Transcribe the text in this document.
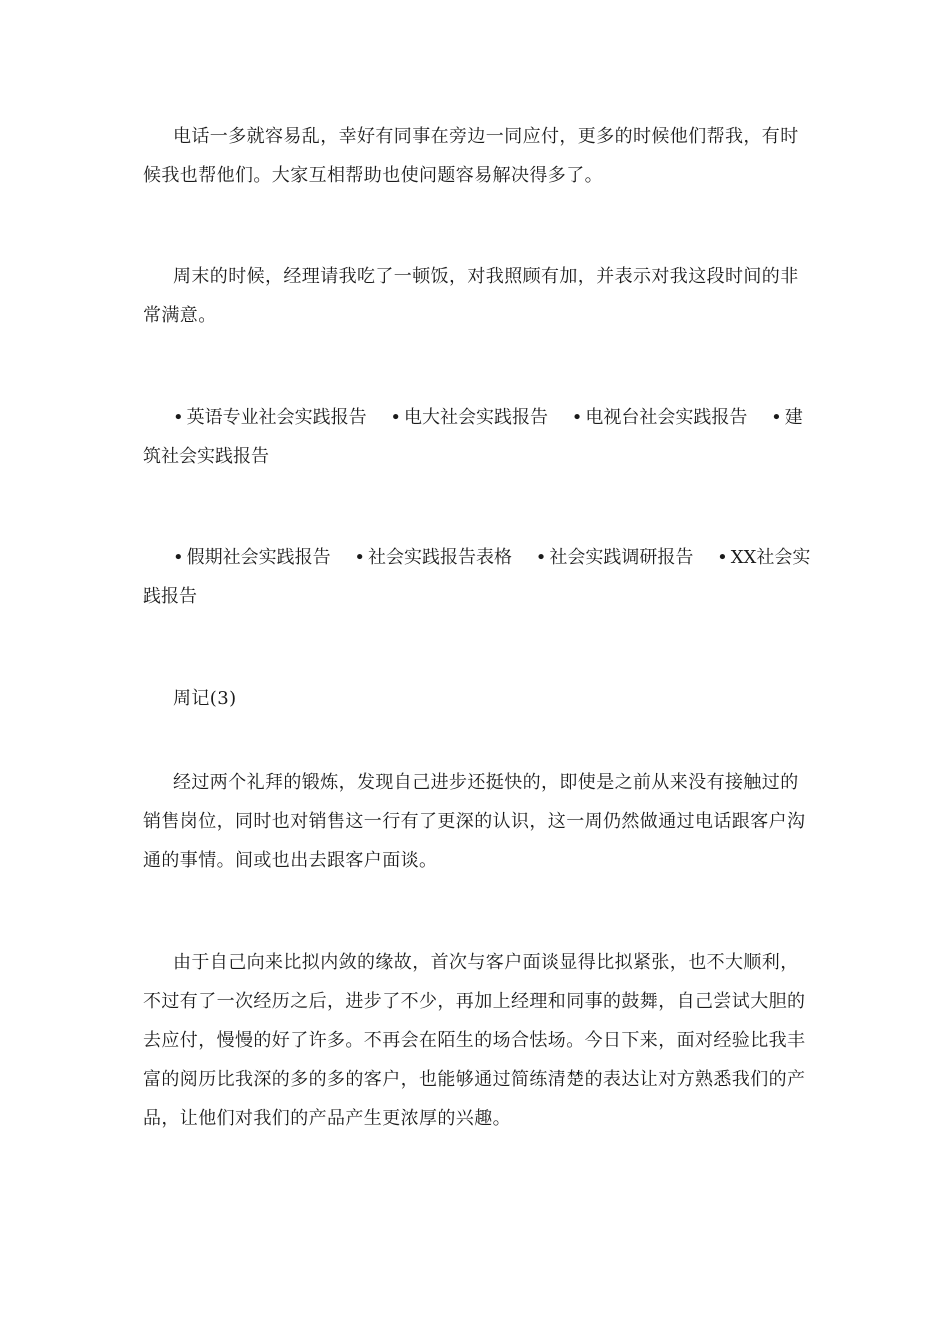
电话一多就容易乱，幸好有同事在旁边一同应付，更多的时候他们帮我，有时候我也帮他们。大家互相帮助也使问题容易解决得多了。

周末的时候，经理请我吃了一顿饭，对我照顾有加，并表示对我这段时间的非常满意。

• 英语专业社会实践报告 • 电大社会实践报告 • 电视台社会实践报告 • 建筑社会实践报告

• 假期社会实践报告 • 社会实践报告表格 • 社会实践调研报告 • XX社会实践报告

周记(3)

经过两个礼拜的锻炼，发现自己进步还挺快的，即使是之前从来没有接触过的销售岗位，同时也对销售这一行有了更深的认识，这一周仍然做通过电话跟客户沟通的事情。间或也出去跟客户面谈。

由于自己向来比拟内敛的缘故，首次与客户面谈显得比拟紧张，也不大顺利，不过有了一次经历之后，进步了不少，再加上经理和同事的鼓舞，自己尝试大胆的去应付，慢慢的好了许多。不再会在陌生的场合怯场。今日下来，面对经验比我丰富的阅历比我深的多的多的客户，也能够通过简练清楚的表达让对方熟悉我们的产品，让他们对我们的产品产生更浓厚的兴趣。
